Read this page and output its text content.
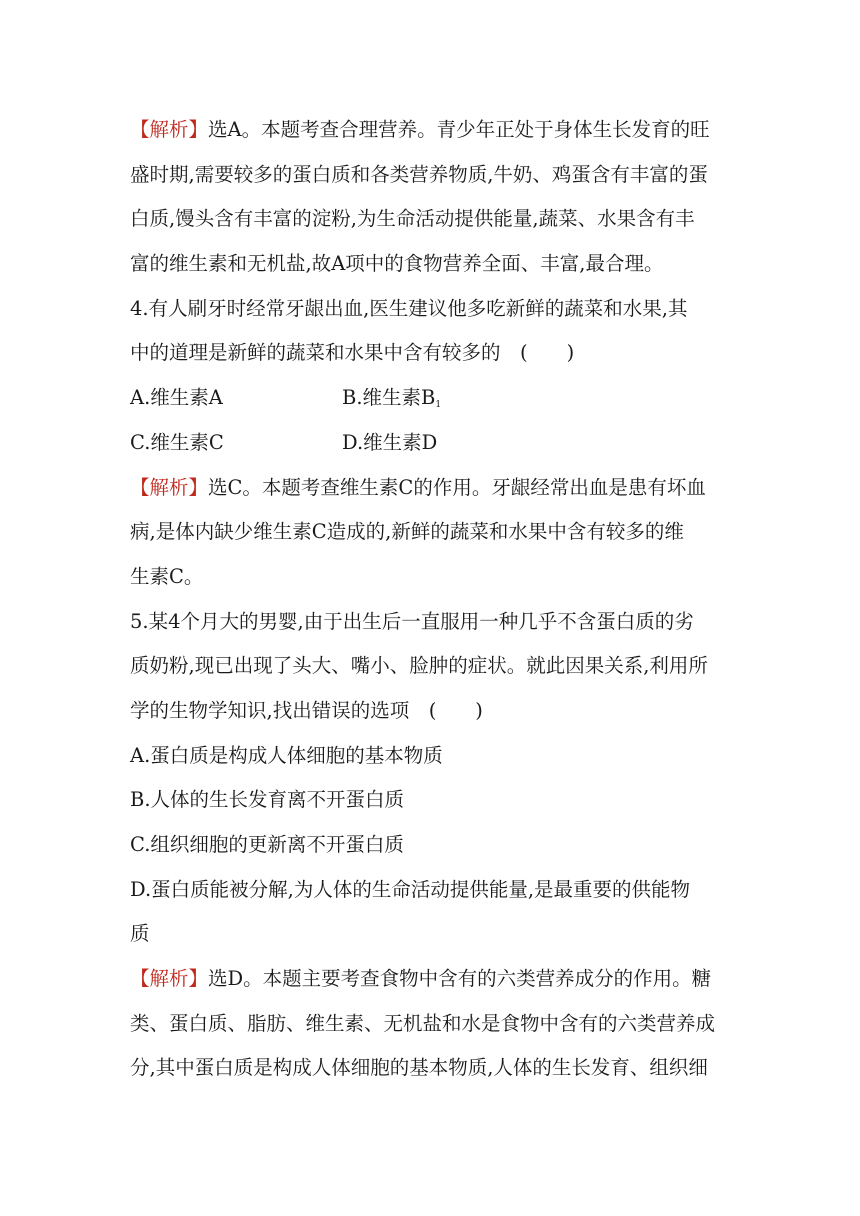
【解析】选A。本题考查合理营养。青少年正处于身体生长发育的旺
盛时期,需要较多的蛋白质和各类营养物质,牛奶、鸡蛋含有丰富的蛋
白质,馒头含有丰富的淀粉,为生命活动提供能量,蔬菜、水果含有丰
富的维生素和无机盐,故A项中的食物营养全面、丰富,最合理。
4.有人刷牙时经常牙龈出血,医生建议他多吃新鲜的蔬菜和水果,其
中的道理是新鲜的蔬菜和水果中含有较多的　(　　)
A.维生素A	B.维生素$B_1$
C.维生素C	D.维生素D
【解析】选C。本题考查维生素C的作用。牙龈经常出血是患有坏血
病,是体内缺少维生素C造成的,新鲜的蔬菜和水果中含有较多的维
生素C。
5.某4个月大的男婴,由于出生后一直服用一种几乎不含蛋白质的劣
质奶粉,现已出现了头大、嘴小、脸肿的症状。就此因果关系,利用所
学的生物学知识,找出错误的选项　(　　)
A.蛋白质是构成人体细胞的基本物质
B.人体的生长发育离不开蛋白质
C.组织细胞的更新离不开蛋白质
D.蛋白质能被分解,为人体的生命活动提供能量,是最重要的供能物
质
【解析】选D。本题主要考查食物中含有的六类营养成分的作用。糖
类、蛋白质、脂肪、维生素、无机盐和水是食物中含有的六类营养成
分,其中蛋白质是构成人体细胞的基本物质,人体的生长发育、组织细
